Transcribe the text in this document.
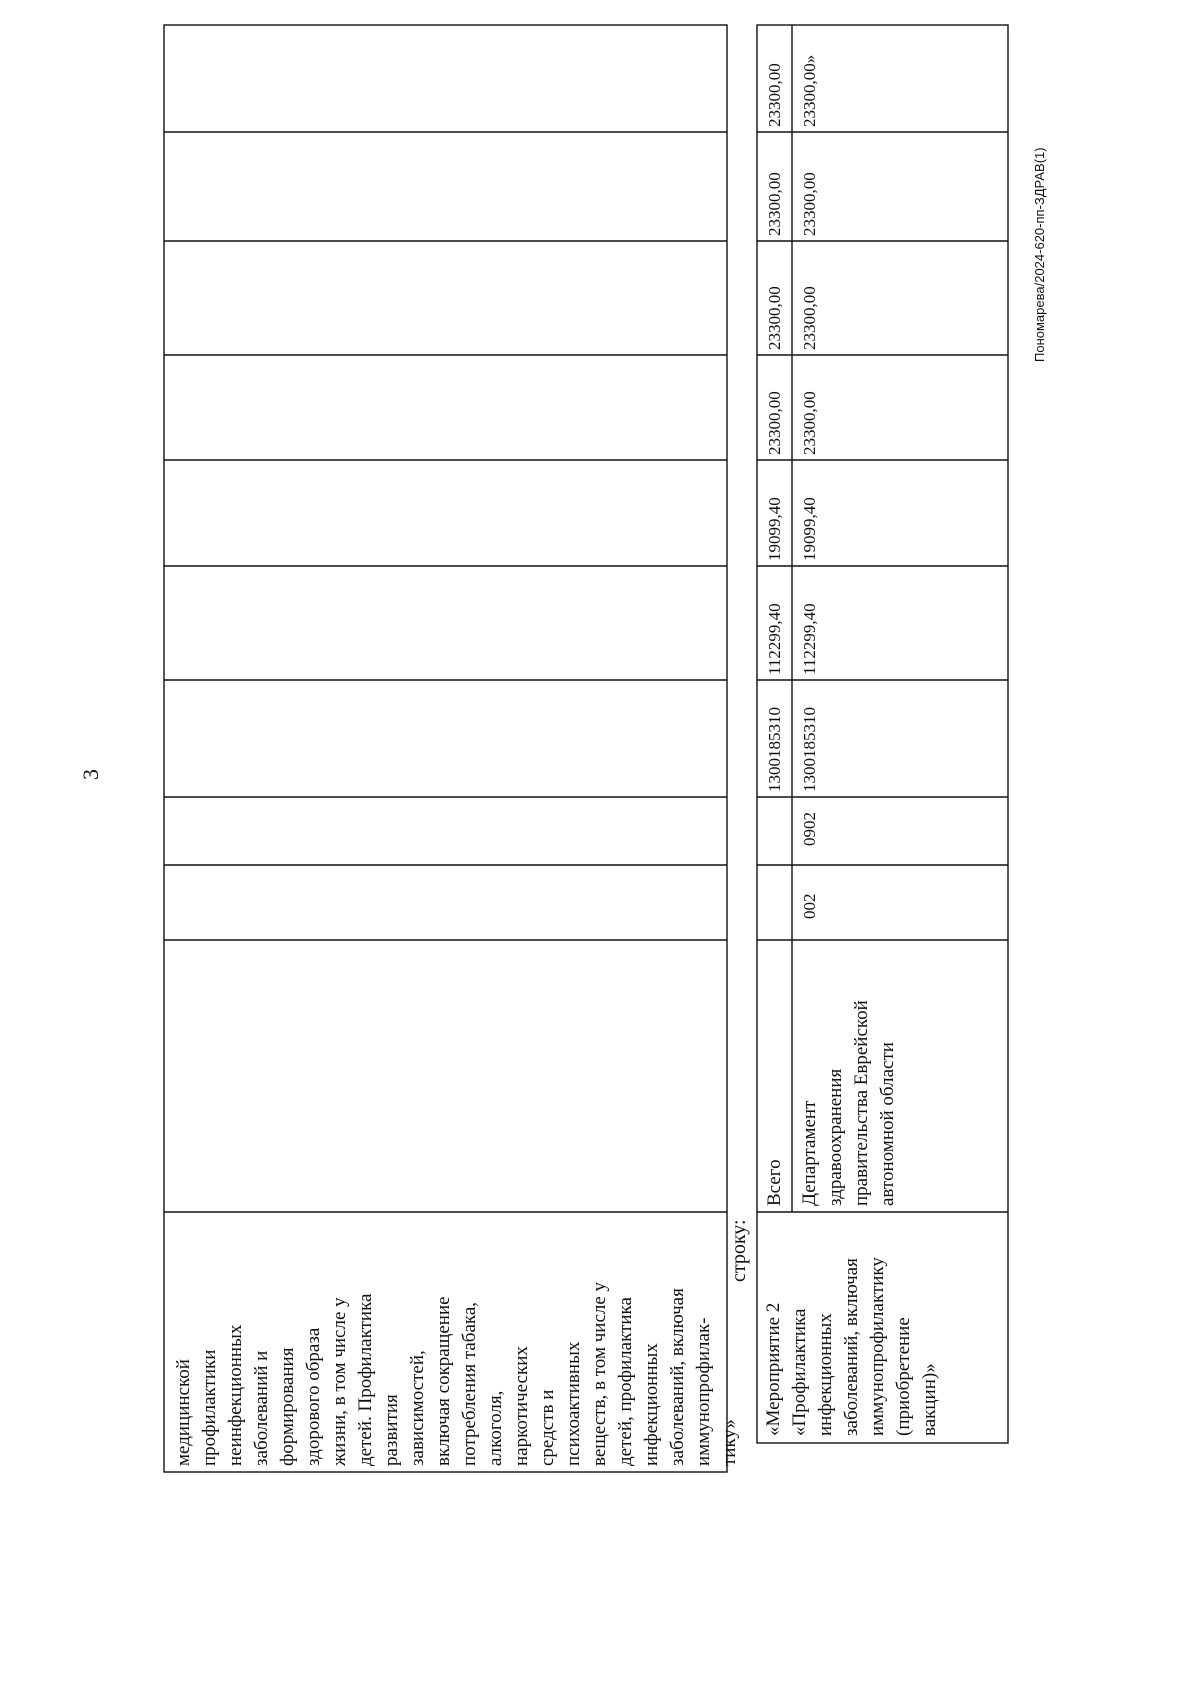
3
Пономарева/2024-620-пп-ЗДРАВ(1)
строку:
медицинской профилактики неинфекционных заболеваний и формирования здорового образа жизни, в том числе у детей. Профилактика развития зависимостей, включая сокращение потребления табака, алкоголя, наркотических средств и психоактивных веществ, в том числе у детей, профилактика инфекционных заболеваний, включая иммунопрофилак- тику»
«Мероприятие 2 «Профилактика инфекционных заболеваний, включая иммунопрофилактику (приобретение вакцин)»
Всего
1300185310
112299,40
19099,40
23300,00
23300,00
23300,00
23300,00
Департамент здравоохранения правительства Еврейской автономной области
002
0902
1300185310
112299,40
19099,40
23300,00
23300,00
23300,00
23300,00»
